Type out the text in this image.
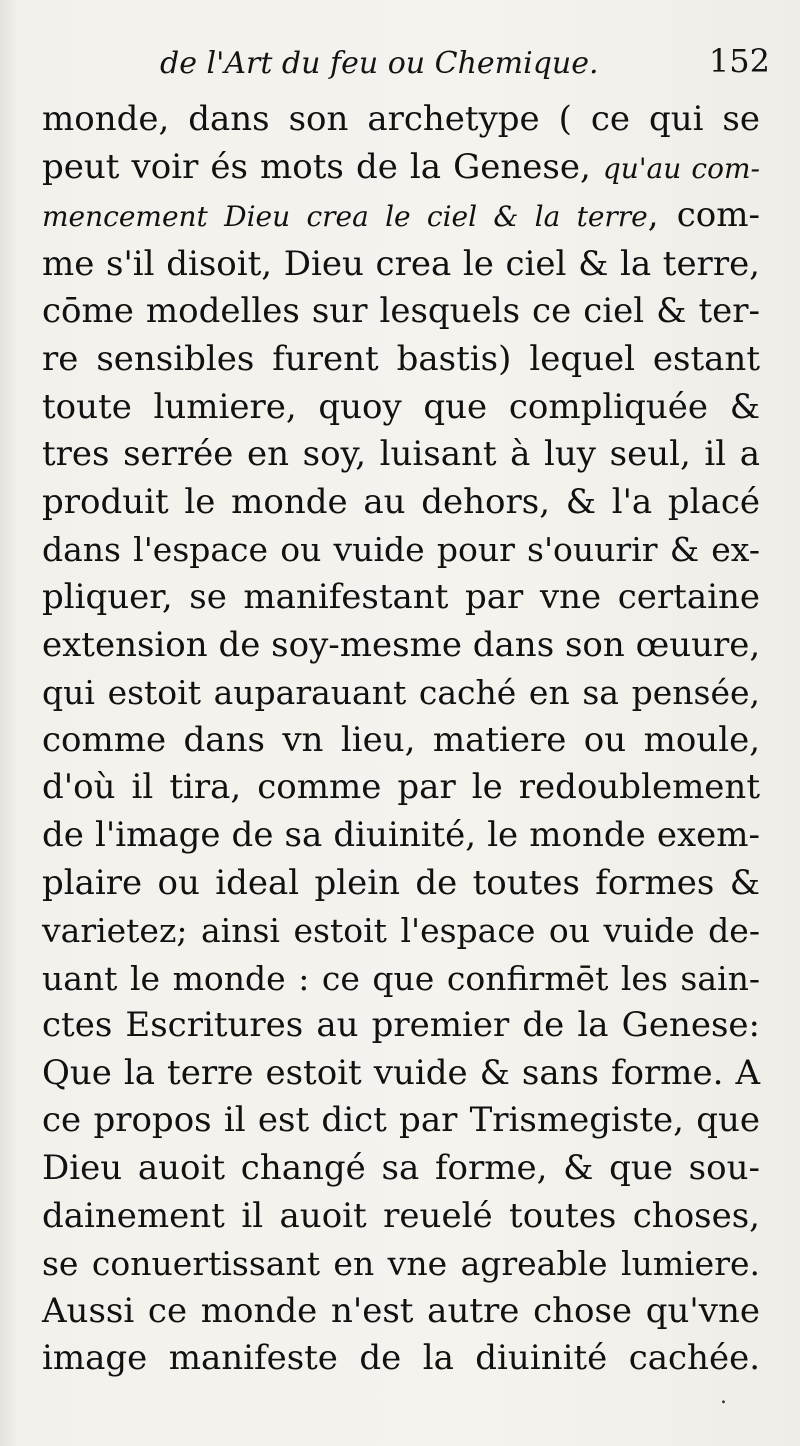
de l'Art du feu ou Chemique.	152
monde, dans son archetype ( ce qui se
peut voir és mots de la Genese, qu'au com-
mencement Dieu crea le ciel & la terre, com-
me s'il disoit, Dieu crea le ciel & la terre,
cōme modelles sur lesquels ce ciel & ter-
re sensibles furent bastis) lequel estant
toute lumiere, quoy que compliquée &
tres serrée en soy, luisant à luy seul, il a
produit le monde au dehors, & l'a placé
dans l'espace ou vuide pour s'ouurir & ex-
pliquer, se manifestant par vne certaine
extension de soy-mesme dans son œuure,
qui estoit auparauant caché en sa pensée,
comme dans vn lieu, matiere ou moule,
d'où il tira, comme par le redoublement
de l'image de sa diuinité, le monde exem-
plaire ou ideal plein de toutes formes &
varietez; ainsi estoit l'espace ou vuide de-
uant le monde : ce que confirmēt les sain-
ctes Escritures au premier de la Genese:
Que la terre estoit vuide & sans forme. A
ce propos il est dict par Trismegiste, que
Dieu auoit changé sa forme, & que sou-
dainement il auoit reuelé toutes choses,
se conuertissant en vne agreable lumiere.
Aussi ce monde n'est autre chose qu'vne
image manifeste de la diuinité cachée.
.
